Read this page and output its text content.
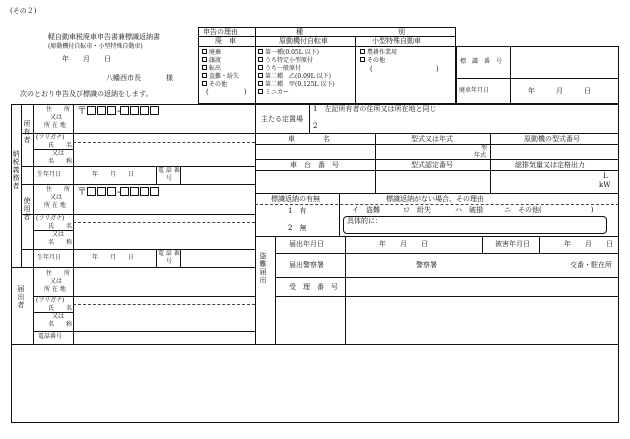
(その２)
軽自動車税廃車申告書兼標識返納書
(原動機付自転車・小型特殊自動車)
年　　月　　日
八幡西市長	様
次のとおり申告及び標識の返納をします。
申告の理由	種	別
廃　車	原動機付自転車	小型特殊自動車
廃棄
譲渡
転出
盗難・紛失
その他
(	)
第一種(0.05L 以下)
うち特定小型原付
うち一般原付
第二種　乙(0.09L 以下)
第二種　甲(0.125L 以下)
ミニカー
農耕作業用
その他
(	)
標　識　番　号
廃車年月日	年　　　月　　　日
納税義務者
所有者
使用者
届出者
住　　所
又は
所 在 地
〒	-
(フリガナ)
氏　　名
又は
名　　称
生年月日	年　　月　　日
電 話 番
号
住　　所
又は
所 在 地
〒	-
(フリガナ)
氏　　名
又は
名　　称
生年月日	年　　月　　日
電 話 番
号
住　　所
又は
所 在 地
(フリガナ)
氏　　名
又は
名　　称
電話番号
主たる定置場
1　左記所有者の住所又は所在地と同じ
2
車　　　　名	型式又は年式	原動機の型式番号
型
年式
車　台　番　号	型式認定番号	総排気量又は定格出力
L
kW
標識返納の有無	標識返納がない場合、その理由
1　有
2　無
イ　盗難	ロ　紛失	ハ　破損	ニ　その他(　　　　　　　)
具体的に：
盗難届出
届出年月日	年　　月　　日	被害年月日	年　　月　　日
届出警察署	警察署	交番・駐在所
受　理　番　号
